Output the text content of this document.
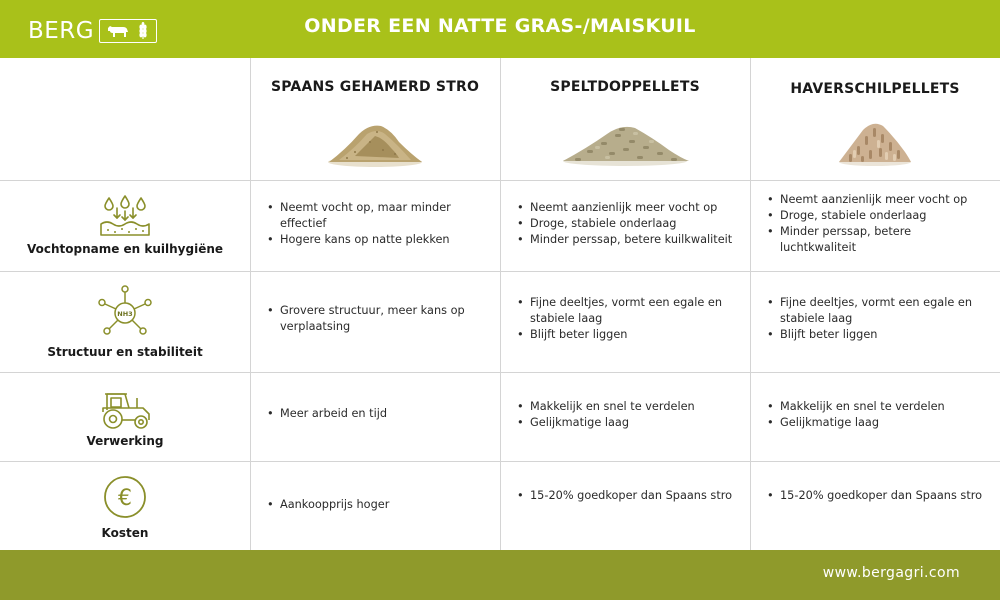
BERG	ONDER EEN NATTE GRAS-/MAISKUIL
SPAANS GEHAMERD STRO	SPELTDOPPELLETS	HAVERSCHILPELLETS
Vochtopname en kuilhygiëne
• Neemt vocht op, maar minder effectief
• Hogere kans op natte plekken
• Neemt aanzienlijk meer vocht op
• Droge, stabiele onderlaag
• Minder perssap, betere kuilkwaliteit
• Neemt aanzienlijk meer vocht op
• Droge, stabiele onderlaag
• Minder perssap, betere luchtkwaliteit
NH3
Structuur en stabiliteit
• Grovere structuur, meer kans op verplaatsing
• Fijne deeltjes, vormt een egale en stabiele laag
• Blijft beter liggen
• Fijne deeltjes, vormt een egale en stabiele laag
• Blijft beter liggen
Verwerking
• Meer arbeid en tijd
• Makkelijk en snel te verdelen
• Gelijkmatige laag
• Makkelijk en snel te verdelen
• Gelijkmatige laag
€
Kosten
• Aankoopprijs hoger
• 15-20% goedkoper dan Spaans stro
•	15-20% goedkoper dan Spaans stro
www.bergagri.com
